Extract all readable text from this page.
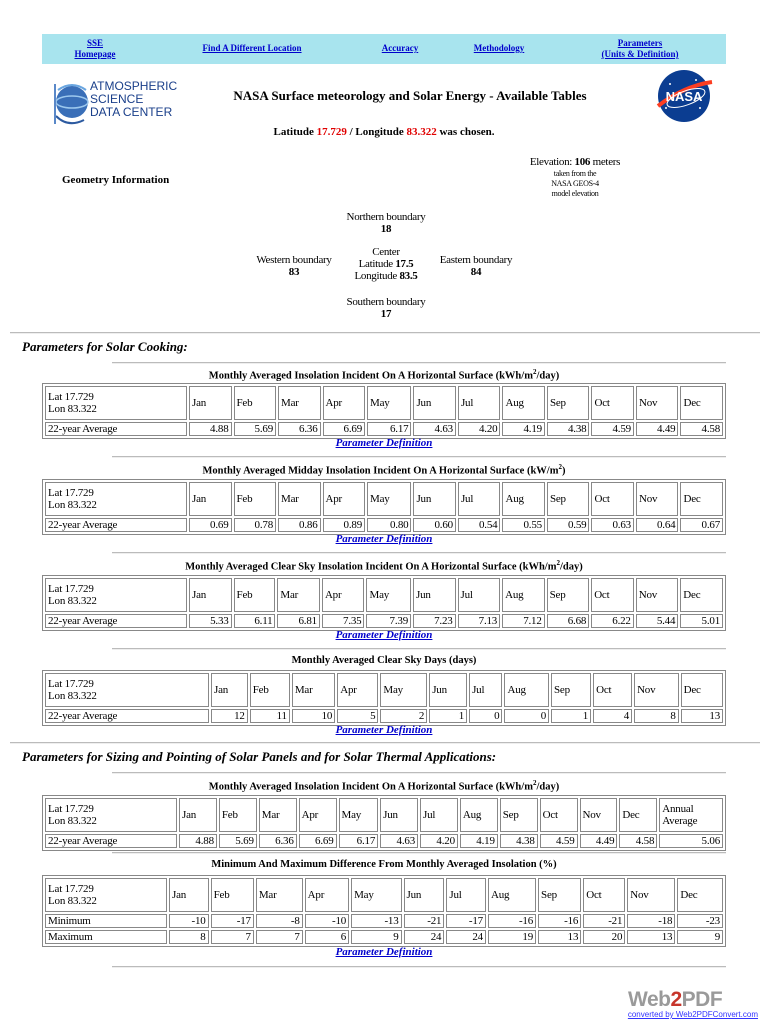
SSE
Homepage
Find A Different Location	Accuracy	Methodology	Parameters
(Units & Definition)
ATMOSPHERIC
SCIENCE
DATA CENTER
NASA
NASA Surface meteorology and Solar Energy - Available Tables
Latitude 17.729 / Longitude 83.322 was chosen.
Elevation: 106 meters
taken from the
NASA GEOS-4
model elevation
Geometry Information
Northern boundary
18
Western boundary
83
Center
Latitude 17.5
Longitude 83.5
Eastern boundary
84
Southern boundary
17
Parameters for Solar Cooking:
Monthly Averaged Insolation Incident On A Horizontal Surface $(kWh/m^2/day)$
Lat 17.729
Lon 83.322	Jan	Feb	Mar	Apr	May	Jun	Jul	Aug	Sep	Oct	Nov	Dec
22-year Average	4.88	5.69	6.36	6.69	6.17	4.63	4.20	4.19	4.38	4.59	4.49	4.58
Parameter Definition
Monthly Averaged Midday Insolation Incident On A Horizontal Surface $(kW/m^2)$
Lat 17.729
Lon 83.322	Jan	Feb	Mar	Apr	May	Jun	Jul	Aug	Sep	Oct	Nov	Dec
22-year Average	0.69	0.78	0.86	0.89	0.80	0.60	0.54	0.55	0.59	0.63	0.64	0.67
Parameter Definition
Monthly Averaged Clear Sky Insolation Incident On A Horizontal Surface $(kWh/m^2/day)$
Lat 17.729
Lon 83.322	Jan	Feb	Mar	Apr	May	Jun	Jul	Aug	Sep	Oct	Nov	Dec
22-year Average	5.33	6.11	6.81	7.35	7.39	7.23	7.13	7.12	6.68	6.22	5.44	5.01
Parameter Definition
Monthly Averaged Clear Sky Days (days)
Lat 17.729
Lon 83.322	Jan	Feb	Mar	Apr	May	Jun	Jul	Aug	Sep	Oct	Nov	Dec
22-year Average	12	11	10	5	2	1	0	0	1	4	8	13
Parameter Definition
Parameters for Sizing and Pointing of Solar Panels and for Solar Thermal Applications:
Monthly Averaged Insolation Incident On A Horizontal Surface $(kWh/m^2/day)$
Lat 17.729
Lon 83.322	Jan	Feb	Mar	Apr	May	Jun	Jul	Aug	Sep	Oct	Nov	Dec	Annual
Average
22-year Average	4.88	5.69	6.36	6.69	6.17	4.63	4.20	4.19	4.38	4.59	4.49	4.58	5.06
Minimum And Maximum Difference From Monthly Averaged Insolation (%)
Lat 17.729
Lon 83.322	Jan	Feb	Mar	Apr	May	Jun	Jul	Aug	Sep	Oct	Nov	Dec
Minimum	-10	-17	-8	-10	-13	-21	-17	-16	-16	-21	-18	-23
Maximum	8	7	7	6	9	24	24	19	13	20	13	9
Parameter Definition
Web2PDF
converted by Web2PDFConvert.com
